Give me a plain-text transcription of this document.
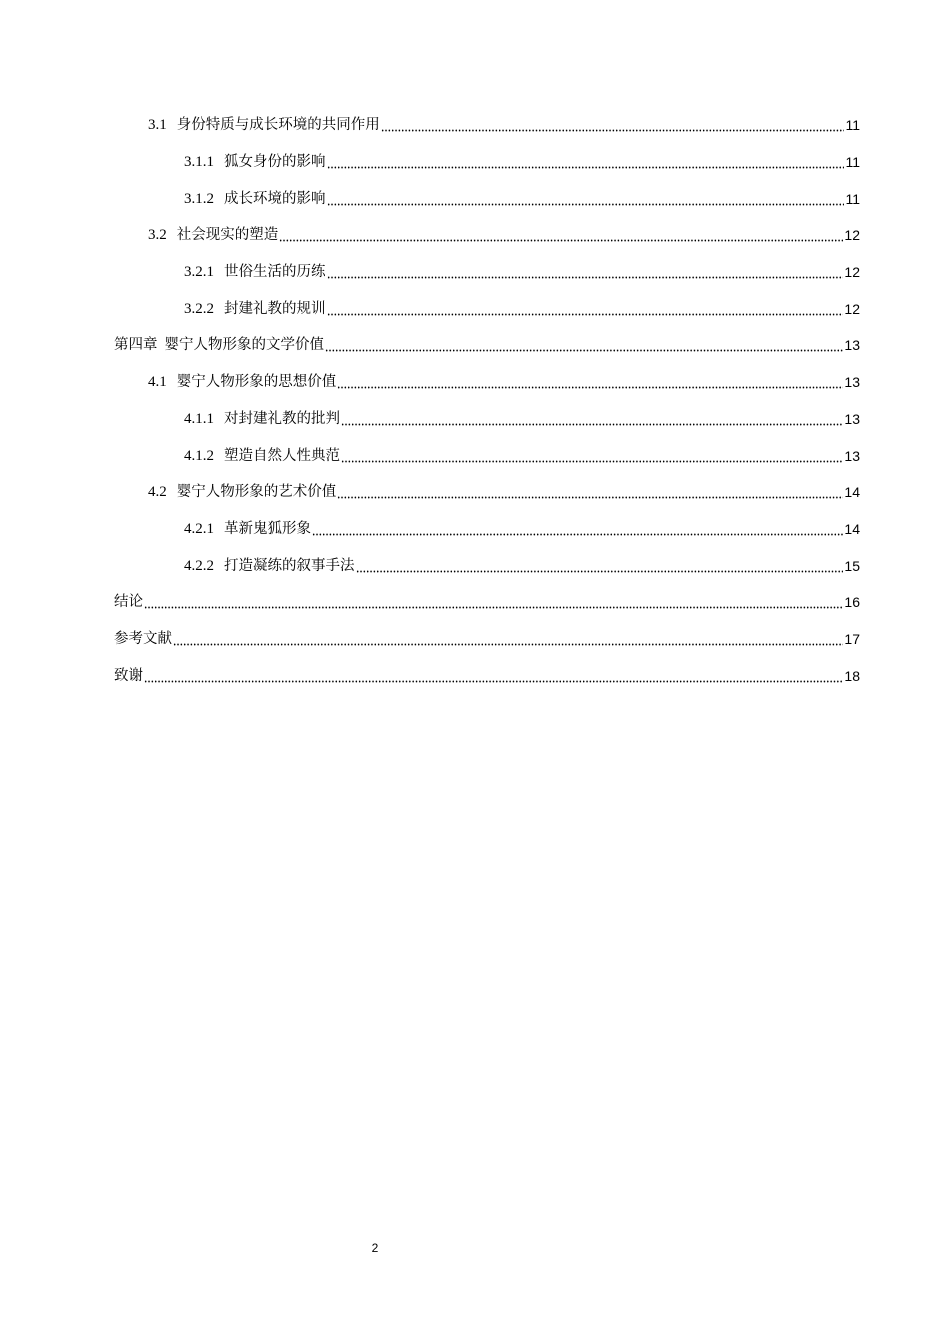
3.1 身份特质与成长环境的共同作用	11
3.1.1 狐女身份的影响	11
3.1.2 成长环境的影响	11
3.2 社会现实的塑造	12
3.2.1 世俗生活的历练	12
3.2.2 封建礼教的规训	12
第四章 婴宁人物形象的文学价值	13
4.1 婴宁人物形象的思想价值	13
4.1.1 对封建礼教的批判	13
4.1.2 塑造自然人性典范	13
4.2 婴宁人物形象的艺术价值	14
4.2.1 革新鬼狐形象	14
4.2.2 打造凝练的叙事手法	15
结论	16
参考文献	17
致谢	18
2
